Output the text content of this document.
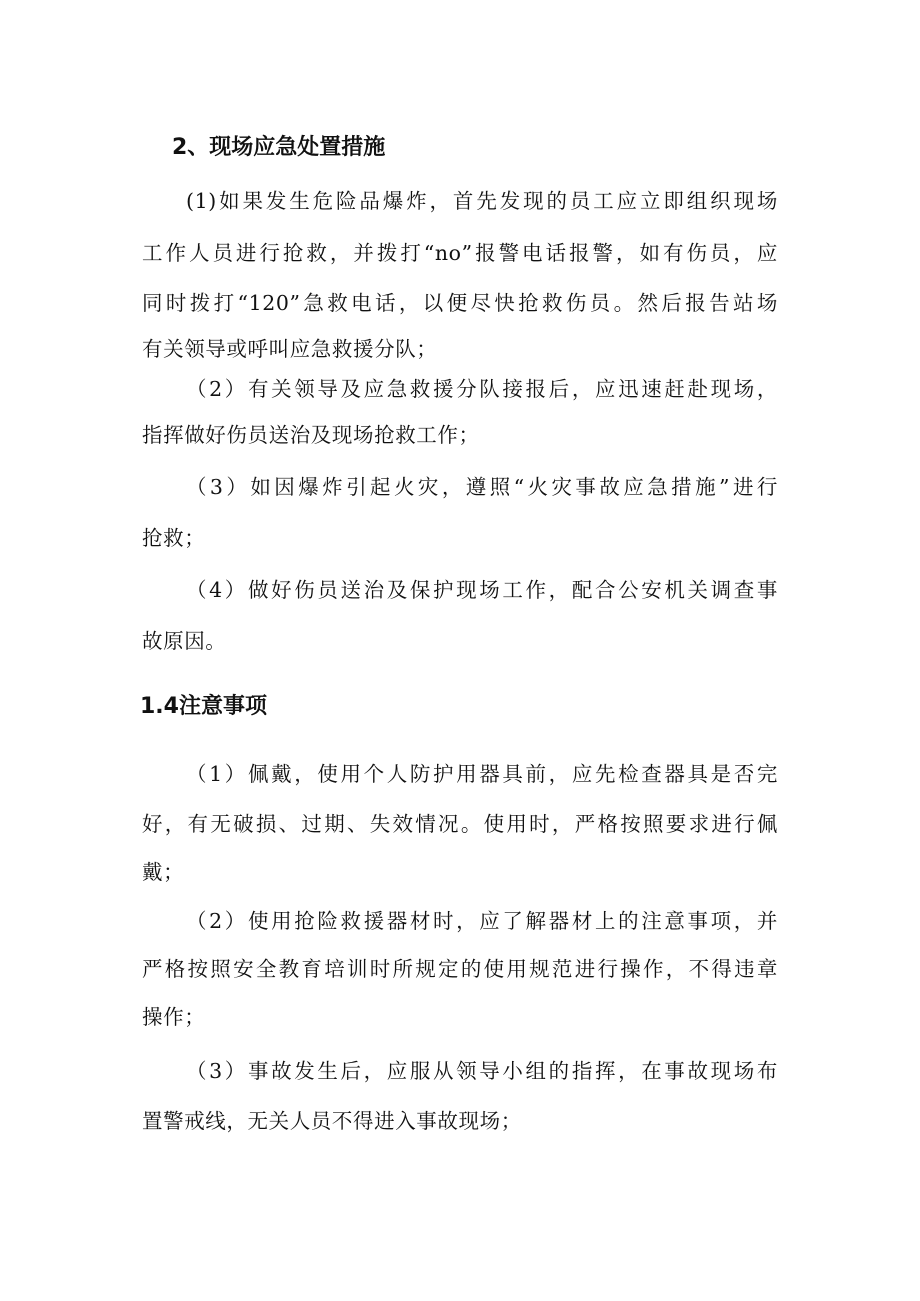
2、现场应急处置措施
(1)如果发生危险品爆炸，首先发现的员工应立即组织现场
工作人员进行抢救，并拨打“no”报警电话报警，如有伤员，应
同时拨打“120”急救电话，以便尽快抢救伤员。然后报告站场
有关领导或呼叫应急救援分队；
（2）有关领导及应急救援分队接报后，应迅速赶赴现场，
指挥做好伤员送治及现场抢救工作；
（3）如因爆炸引起火灾，遵照“火灾事故应急措施”进行
抢救；
（4）做好伤员送治及保护现场工作，配合公安机关调查事
故原因。
1.4注意事项
（1）佩戴，使用个人防护用器具前，应先检查器具是否完
好，有无破损、过期、失效情况。使用时，严格按照要求进行佩
戴；
（2）使用抢险救援器材时，应了解器材上的注意事项，并
严格按照安全教育培训时所规定的使用规范进行操作，不得违章
操作；
（3）事故发生后，应服从领导小组的指挥，在事故现场布
置警戒线，无关人员不得进入事故现场；
